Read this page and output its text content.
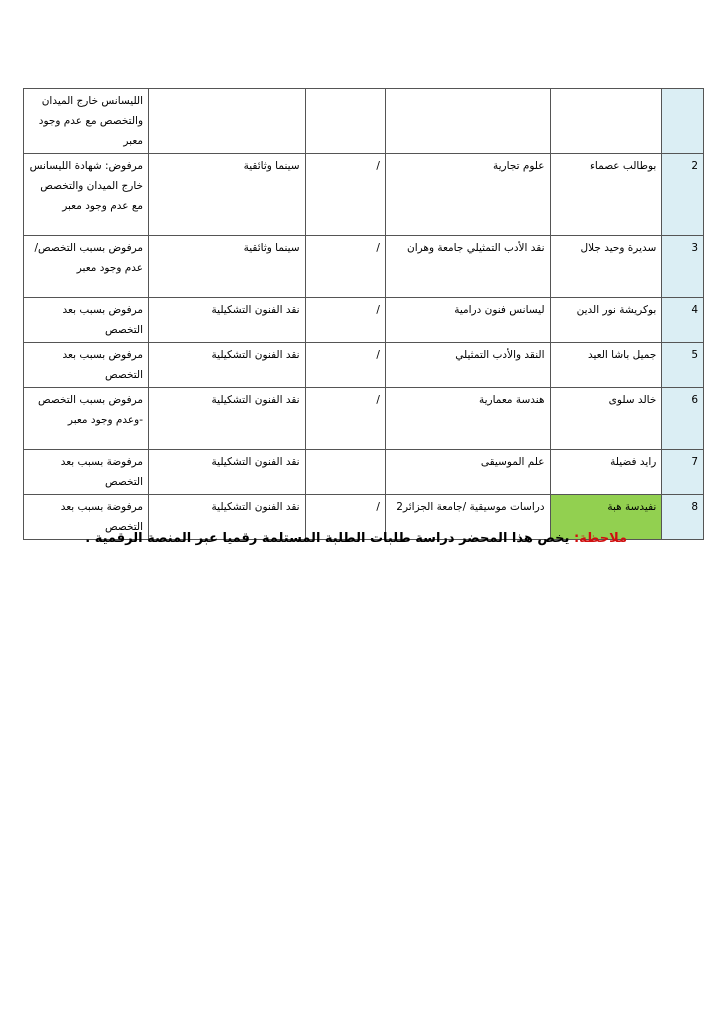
					الليسانس خارج الميدان والتخصص مع عدم وجود معبر
2	بوطالب عصماء	علوم تجارية	/	سينما وثائقية	مرفوض: شهادة الليسانس خارج الميدان والتخصص مع عدم وجود معبر
3	سديرة وحيد جلال	نقد الأدب التمثيلي جامعة وهران	/	سينما وثائقية	مرفوض بسبب التخصص/ عدم وجود معبر
4	بوكريشة نور الدين	ليسانس فنون درامية	/	نقد الفنون التشكيلية	مرفوض بسبب بعد التخصص
5	جميل باشا العيد	النقد والأدب التمثيلي	/	نقد الفنون التشكيلية	مرفوض بسبب بعد التخصص
6	خالد سلوى	هندسة معمارية	/	نقد الفنون التشكيلية	مرفوض بسبب التخصص -وعدم وجود معبر
7	رايد فضيلة	علم الموسيقى		نقد الفنون التشكيلية	مرفوضة بسبب بعد التخصص
8	نفيدسة هبة	دراسات موسيقية /جامعة الجزائر2	/	نقد الفنون التشكيلية	مرفوضة بسبب بعد التخصص
ملاحظة: يخص هذا المحضر دراسة طلبات الطلبة المستلمة رقميا عبر المنصة الرقمية .
